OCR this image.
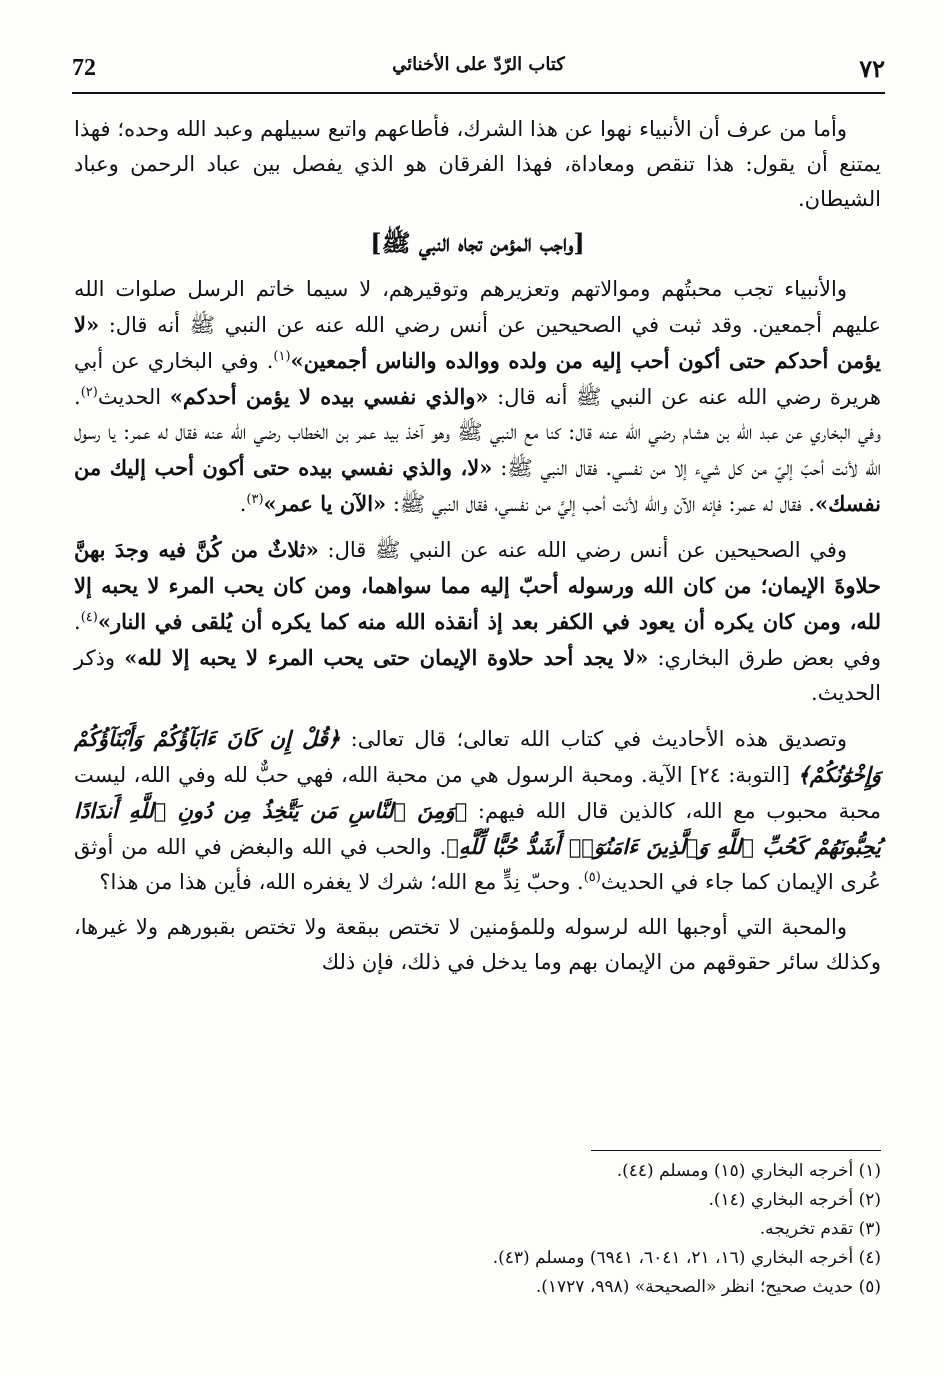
72	كتاب الرّدّ على الأخنائي	٧٢

وأما من عرف أن الأنبياء نهوا عن هذا الشرك، فأطاعهم واتبع سبيلهم وعبد الله وحده؛ فهذا يمتنع أن يقول: هذا تنقص ومعاداة، فهذا الفرقان هو الذي يفصل بين عباد الرحمن وعباد الشيطان.

[واجب المؤمن تجاه النبي ﷺ]

والأنبياء تجب محبتُهم وموالاتهم وتعزيرهم وتوقيرهم، لا سيما خاتم الرسل صلوات الله عليهم أجمعين. وقد ثبت في الصحيحين عن أنس رضي الله عنه عن النبي ﷺ أنه قال: «لا يؤمن أحدكم حتى أكون أحب إليه من ولده ووالده والناس أجمعين»$^{(١)}$. وفي البخاري عن أبي هريرة رضي الله عنه عن النبي ﷺ أنه قال: «والذي نفسي بيده لا يؤمن أحدكم» الحديث$^{(٢)}$. وفي البخاري عن عبد الله بن هشام رضي الله عنه قال: كنا مع النبي ﷺ وهو آخذ بيد عمر بن الخطاب رضي الله عنه فقال له عمر: يا رسول الله لأنت أحبّ إليّ من كل شيء إلا من نفسي. فقال النبي ﷺ: «لا، والذي نفسي بيده حتى أكون أحب إليك من نفسك». فقال له عمر: فإنه الآن والله لأنت أحب إليَّ من نفسي، فقال النبي ﷺ: «الآن يا عمر»$^{(٣)}$.

وفي الصحيحين عن أنس رضي الله عنه عن النبي ﷺ قال: «ثلاثٌ من كُنَّ فيه وجدَ بهنَّ حلاوةَ الإيمان؛ من كان الله ورسوله أحبّ إليه مما سواهما، ومن كان يحب المرء لا يحبه إلا لله، ومن كان يكره أن يعود في الكفر بعد إذ أنقذه الله منه كما يكره أن يُلقى في النار»$^{(٤)}$. وفي بعض طرق البخاري: «لا يجد أحد حلاوة الإيمان حتى يحب المرء لا يحبه إلا لله» وذكر الحديث.

وتصديق هذه الأحاديث في كتاب الله تعالى؛ قال تعالى: ﴿قُلْ إِن كَانَ ءَابَآؤُكُمْ وَأَبْنَآؤُكُمْ وَإِخْوَٰنُكُمْ﴾ [التوبة: ٢٤] الآية. ومحبة الرسول هي من محبة الله، فهي حبٌّ لله وفي الله، ليست محبة محبوب مع الله، كالذين قال الله فيهم: ﴿وَمِنَ ٱلنَّاسِ مَن يَتَّخِذُ مِن دُونِ ٱللَّهِ أَندَادًا يُحِبُّونَهُمْ كَحُبِّ ٱللَّهِ وَٱلَّذِينَ ءَامَنُوٓا۟ أَشَدُّ حُبًّا لِّلَّهِ﴾. والحب في الله والبغض في الله من أوثق عُرى الإيمان كما جاء في الحديث$^{(٥)}$. وحبّ نِدٍّ مع الله؛ شرك لا يغفره الله، فأين هذا من هذا؟

والمحبة التي أوجبها الله لرسوله وللمؤمنين لا تختص ببقعة ولا تختص بقبورهم ولا غيرها، وكذلك سائر حقوقهم من الإيمان بهم وما يدخل في ذلك، فإن ذلك

(١) أخرجه البخاري (١٥) ومسلم (٤٤).

(٢) أخرجه البخاري (١٤).

(٣) تقدم تخريجه.

(٤) أخرجه البخاري (١٦، ٢١، ٦٠٤١، ٦٩٤١) ومسلم (٤٣).

(٥) حديث صحيح؛ انظر «الصحيحة» (٩٩٨، ١٧٢٧).
